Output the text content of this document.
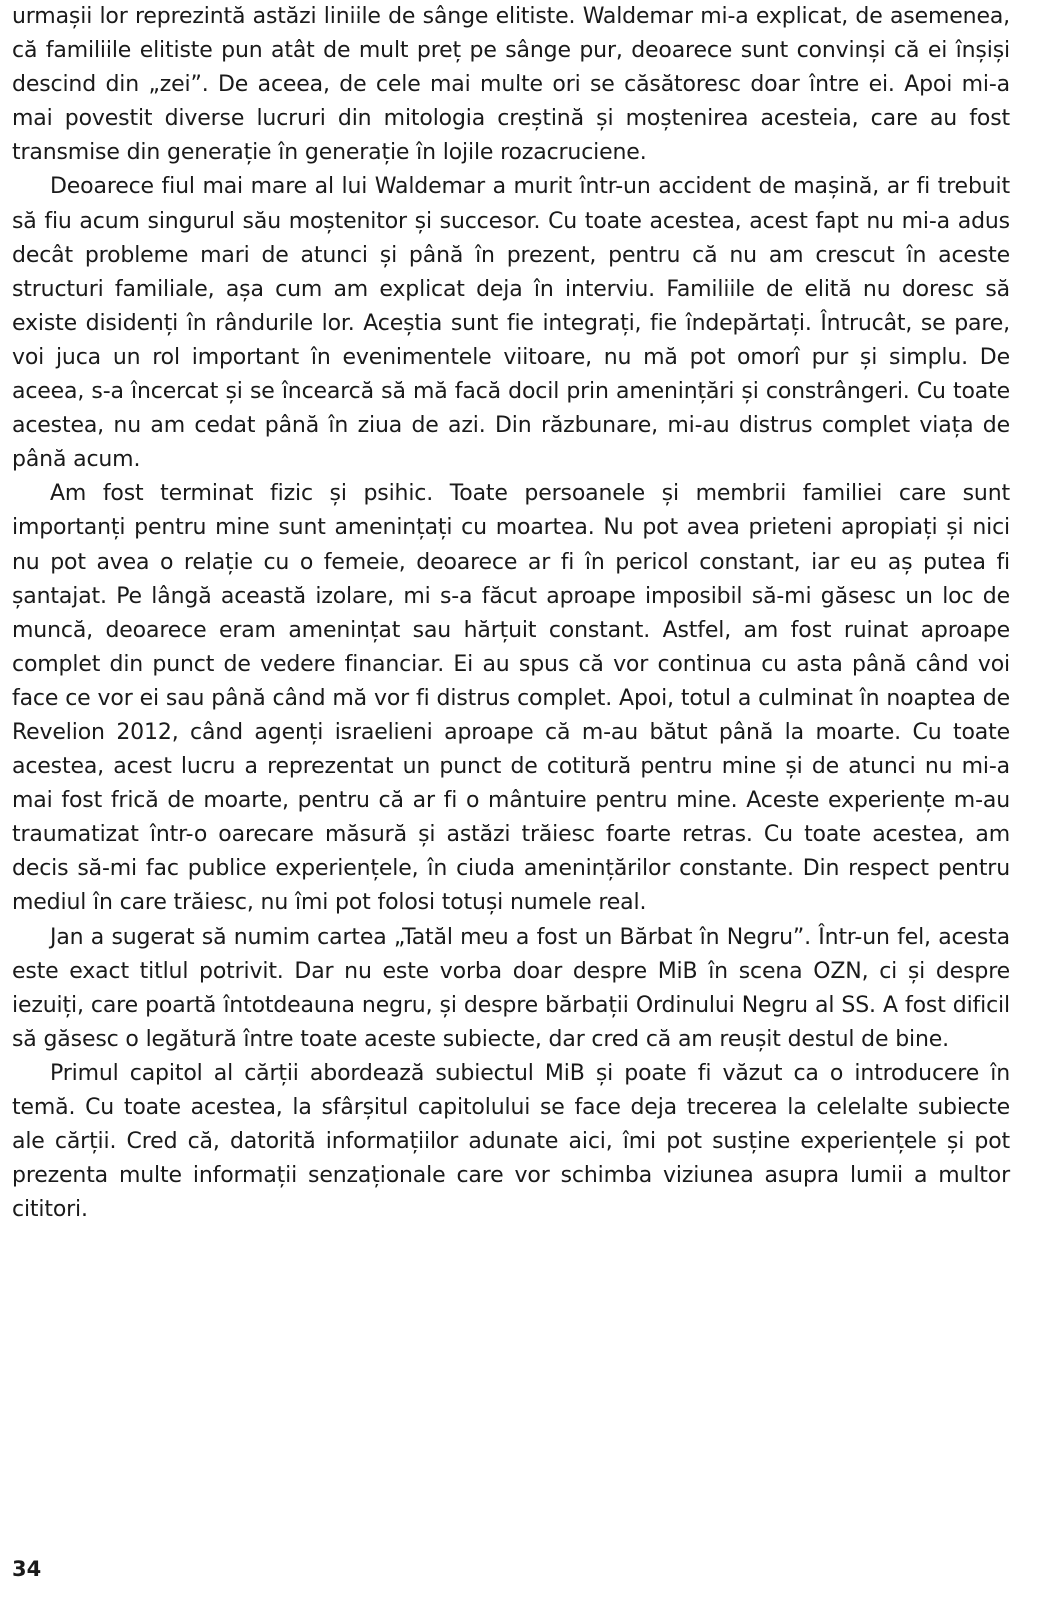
urmașii lor reprezintă astăzi liniile de sânge elitiste. Waldemar mi-a explicat, de asemenea, că familiile elitiste pun atât de mult preț pe sânge pur, deoarece sunt convinși că ei înșiși descind din „zei”. De aceea, de cele mai multe ori se căsătoresc doar între ei. Apoi mi-a mai povestit diverse lucruri din mitologia creștină și moștenirea acesteia, care au fost transmise din generație în generație în lojile rozacruciene.

Deoarece fiul mai mare al lui Waldemar a murit într-un accident de mașină, ar fi trebuit să fiu acum singurul său moștenitor și succesor. Cu toate acestea, acest fapt nu mi-a adus decât probleme mari de atunci și până în prezent, pentru că nu am crescut în aceste structuri familiale, așa cum am explicat deja în interviu. Familiile de elită nu doresc să existe disidenți în rândurile lor. Aceștia sunt fie integrați, fie îndepărtați. Întrucât, se pare, voi juca un rol important în evenimentele viitoare, nu mă pot omorî pur și simplu. De aceea, s-a încercat și se încearcă să mă facă docil prin amenințări și constrângeri. Cu toate acestea, nu am cedat până în ziua de azi. Din răzbunare, mi-au distrus complet viața de până acum.

Am fost terminat fizic și psihic. Toate persoanele și membrii familiei care sunt importanți pentru mine sunt amenințați cu moartea. Nu pot avea prieteni apropiați și nici nu pot avea o relație cu o femeie, deoarece ar fi în pericol constant, iar eu aș putea fi șantajat. Pe lângă această izolare, mi s-a făcut aproape imposibil să-mi găsesc un loc de muncă, deoarece eram amenințat sau hărțuit constant. Astfel, am fost ruinat aproape complet din punct de vedere financiar. Ei au spus că vor continua cu asta până când voi face ce vor ei sau până când mă vor fi distrus complet. Apoi, totul a culminat în noaptea de Revelion 2012, când agenți israelieni aproape că m-au bătut până la moarte. Cu toate acestea, acest lucru a reprezentat un punct de cotitură pentru mine și de atunci nu mi-a mai fost frică de moarte, pentru că ar fi o mântuire pentru mine. Aceste experiențe m-au traumatizat într-o oarecare măsură și astăzi trăiesc foarte retras. Cu toate acestea, am decis să-mi fac publice experiențele, în ciuda amenințărilor constante. Din respect pentru mediul în care trăiesc, nu îmi pot folosi totuși numele real.

Jan a sugerat să numim cartea „Tatăl meu a fost un Bărbat în Negru”. Într-un fel, acesta este exact titlul potrivit. Dar nu este vorba doar despre MiB în scena OZN, ci și despre iezuiți, care poartă întotdeauna negru, și despre bărbații Ordinului Negru al SS. A fost dificil să găsesc o legătură între toate aceste subiecte, dar cred că am reușit destul de bine.

Primul capitol al cărții abordează subiectul MiB și poate fi văzut ca o introducere în temă. Cu toate acestea, la sfârșitul capitolului se face deja trecerea la celelalte subiecte ale cărții. Cred că, datorită informațiilor adunate aici, îmi pot susține experiențele și pot prezenta multe informații senzaționale care vor schimba viziunea asupra lumii a multor cititori.

34
